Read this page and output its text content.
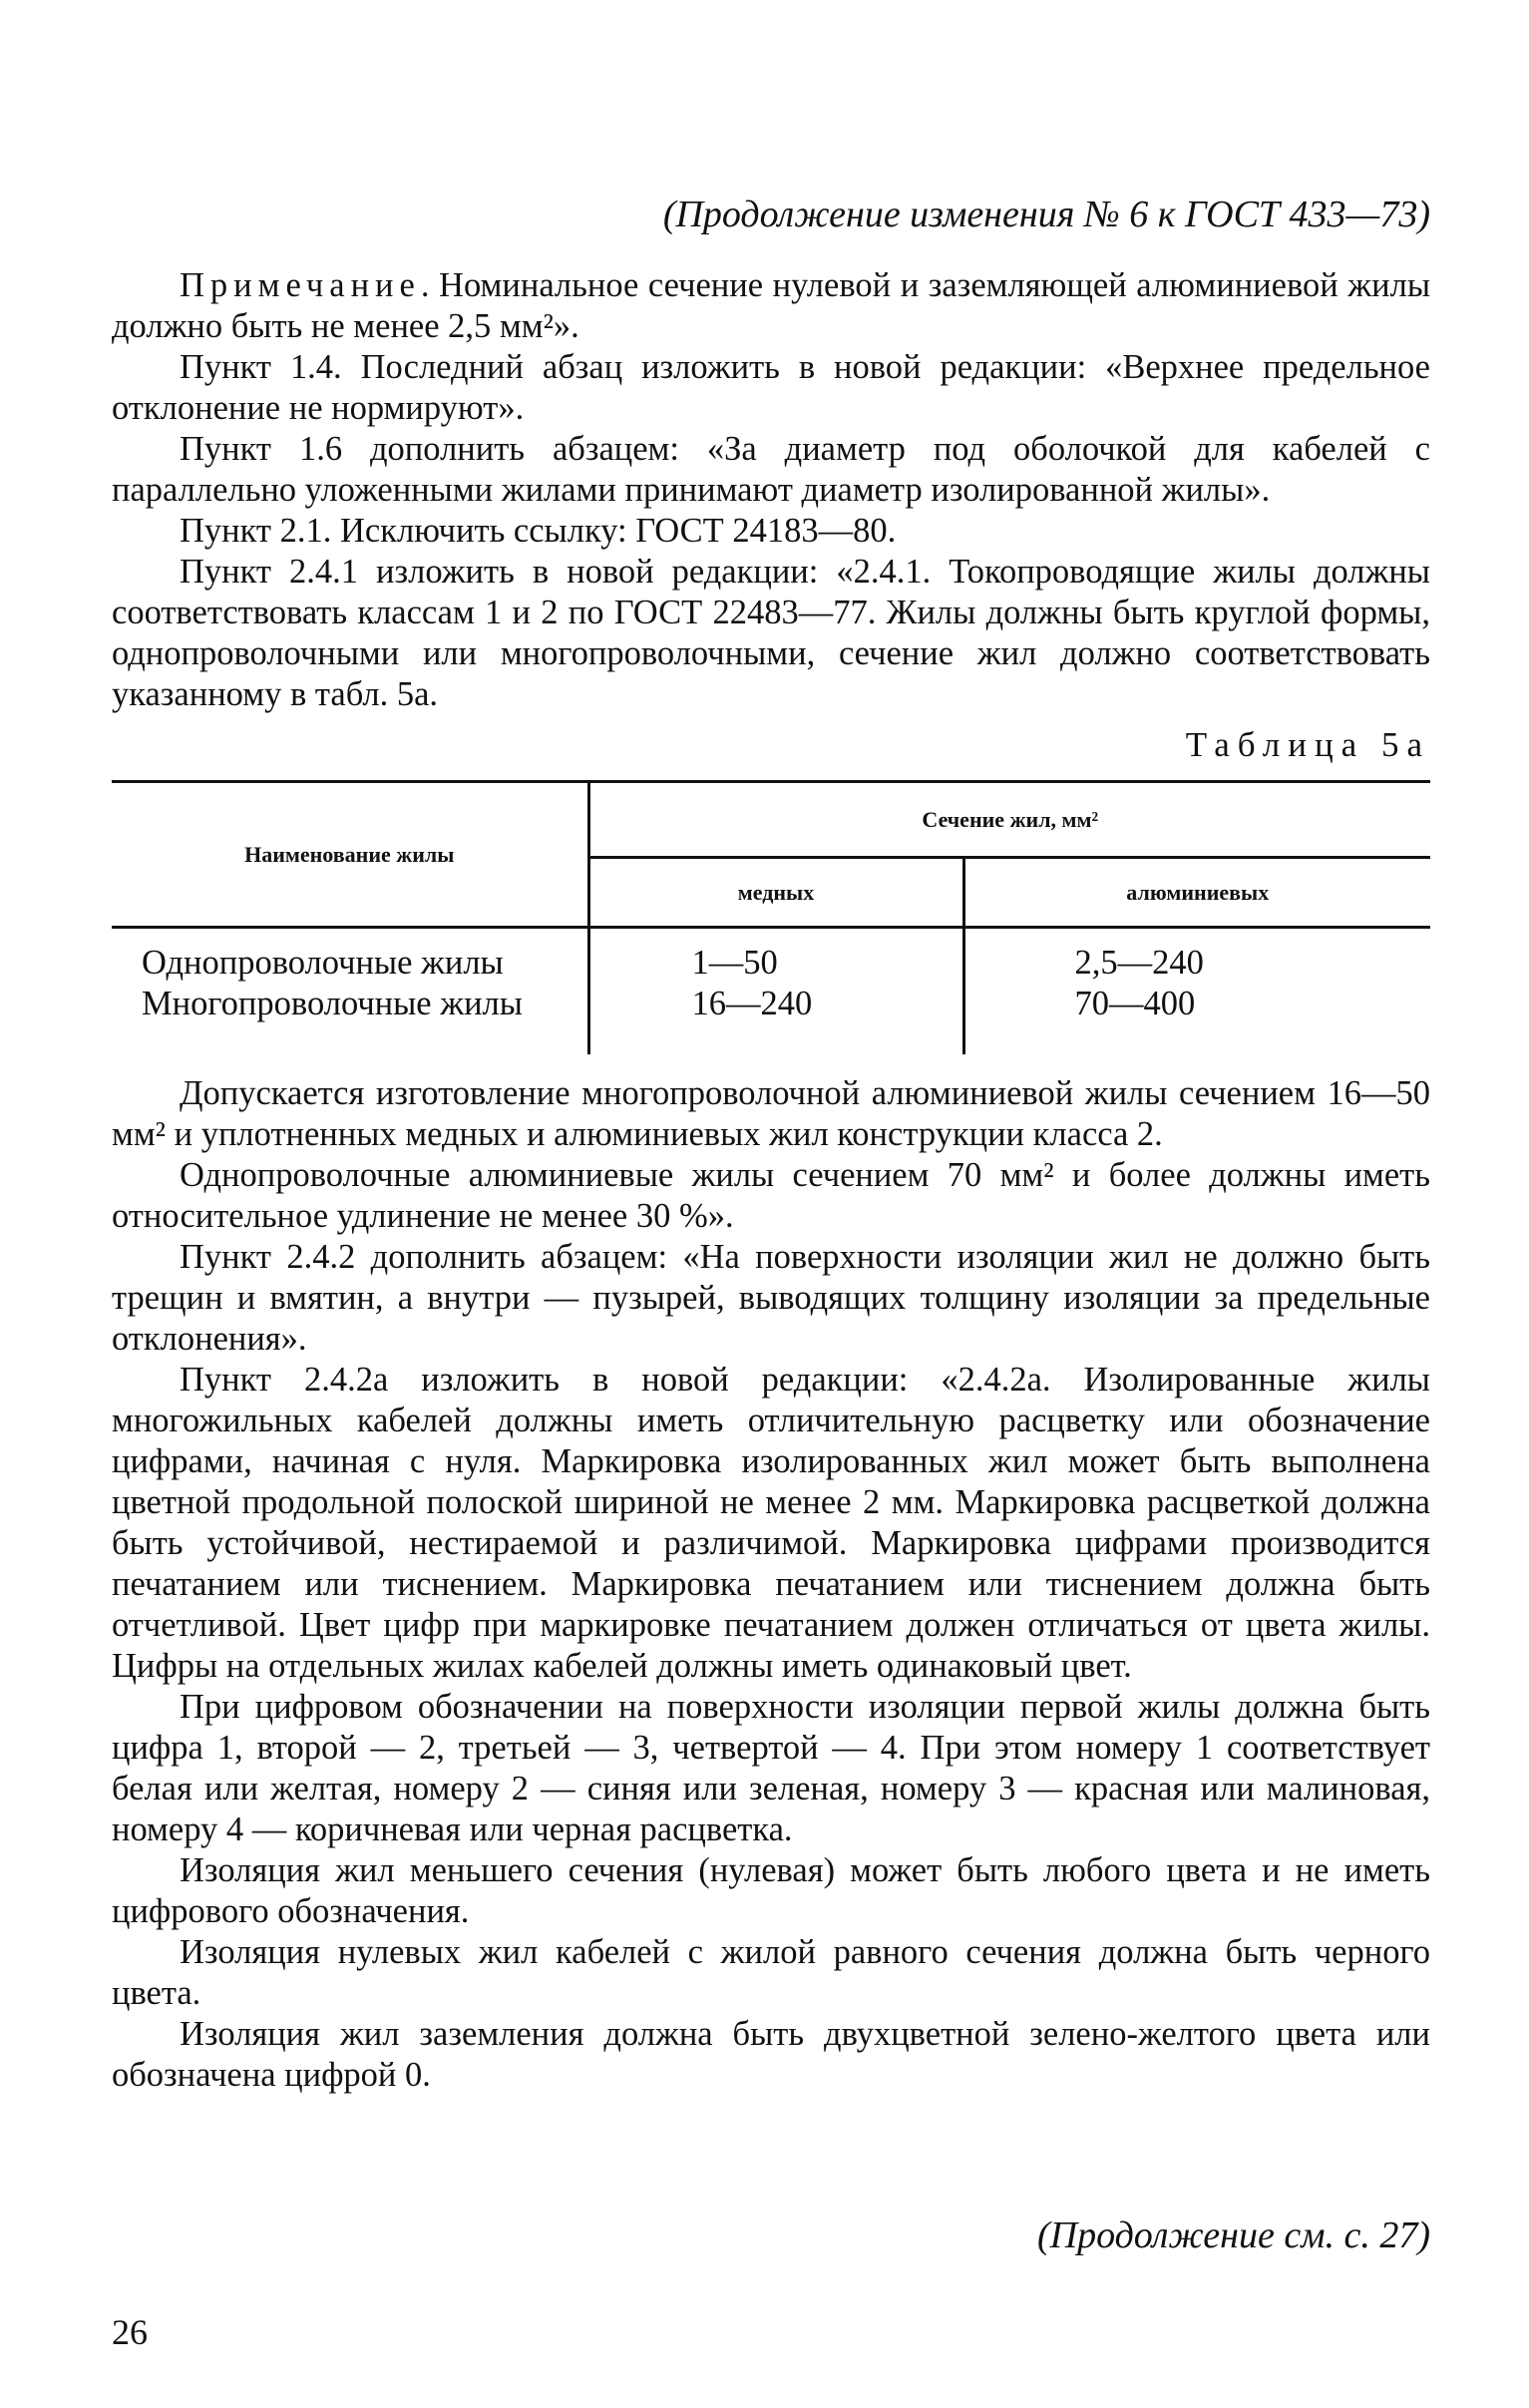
(Продолжение изменения № 6 к ГОСТ 433—73)

Примечание. Номинальное сечение нулевой и заземляющей алюминиевой жилы должно быть не менее 2,5 мм²».

Пункт 1.4. Последний абзац изложить в новой редакции: «Верхнее предельное отклонение не нормируют».

Пункт 1.6 дополнить абзацем: «За диаметр под оболочкой для кабелей с параллельно уложенными жилами принимают диаметр изолированной жилы».

Пункт 2.1. Исключить ссылку: ГОСТ 24183—80.

Пункт 2.4.1 изложить в новой редакции: «2.4.1. Токопроводящие жилы должны соответствовать классам 1 и 2 по ГОСТ 22483—77. Жилы должны быть круглой формы, однопроволочными или многопроволочными, сечение жил должно соответствовать указанному в табл. 5а.

Таблица 5а
Наименование жилы	Сечение жил, мм²	
	медных	алюминиевых
Однопроволочные жилы	1—50	2,5—240
Многопроволочные жилы	16—240	70—400

Допускается изготовление многопроволочной алюминиевой жилы сечением 16—50 мм² и уплотненных медных и алюминиевых жил конструкции класса 2.

Однопроволочные алюминиевые жилы сечением 70 мм² и более должны иметь относительное удлинение не менее 30 %».

Пункт 2.4.2 дополнить абзацем: «На поверхности изоляции жил не должно быть трещин и вмятин, а внутри — пузырей, выводящих толщину изоляции за предельные отклонения».

Пункт 2.4.2а изложить в новой редакции: «2.4.2а. Изолированные жилы многожильных кабелей должны иметь отличительную расцветку или обозначение цифрами, начиная с нуля. Маркировка изолированных жил может быть выполнена цветной продольной полоской шириной не менее 2 мм. Маркировка расцветкой должна быть устойчивой, нестираемой и различимой. Маркировка цифрами производится печатанием или тиснением. Маркировка печатанием или тиснением должна быть отчетливой. Цвет цифр при маркировке печатанием должен отличаться от цвета жилы. Цифры на отдельных жилах кабелей должны иметь одинаковый цвет.

При цифровом обозначении на поверхности изоляции первой жилы должна быть цифра 1, второй — 2, третьей — 3, четвертой — 4. При этом номеру 1 соответствует белая или желтая, номеру 2 — синяя или зеленая, номеру 3 — красная или малиновая, номеру 4 — коричневая или черная расцветка.

Изоляция жил меньшего сечения (нулевая) может быть любого цвета и не иметь цифрового обозначения.

Изоляция нулевых жил кабелей с жилой равного сечения должна быть черного цвета.

Изоляция жил заземления должна быть двухцветной зелено-желтого цвета или обозначена цифрой 0.

(Продолжение см. с. 27)
26
